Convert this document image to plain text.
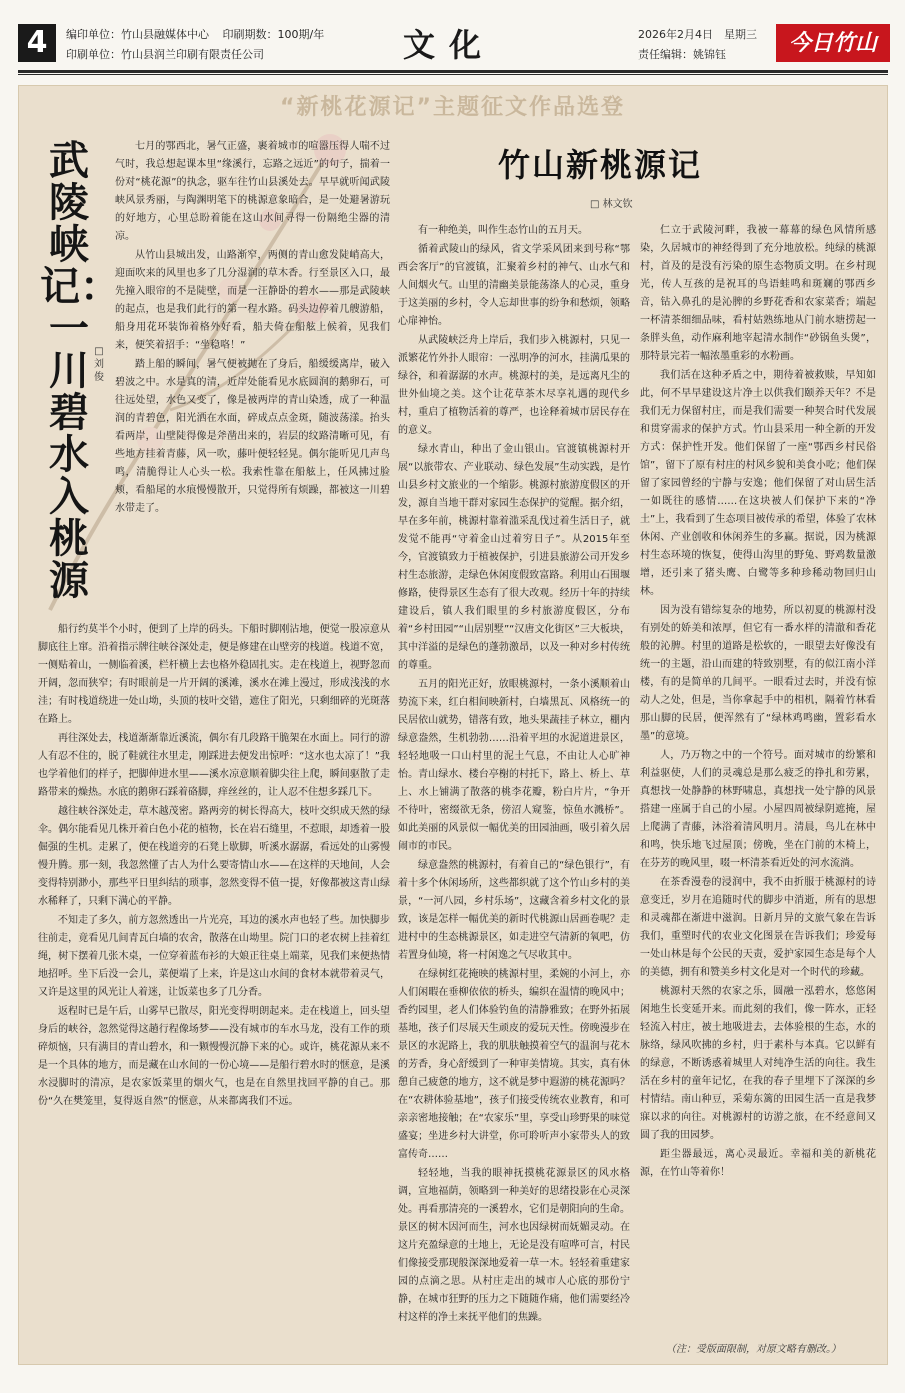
4	编印单位：竹山县融媒体中心 印刷期数：100期/年
印刷单位：竹山县润兰印刷有限责任公司	文化	2026年2月4日　星期三
责任编辑：姚锦钰	今日竹山
“新桃花源记”主题征文作品选登
武陵峡记：一川碧水入桃源
□ 刘俊

七月的鄂西北，暑气正盛，裹着城市的喧嚣压得人喘不过气时，我总想起课本里“缘溪行，忘路之远近”的句子，揣着一份对“桃花源”的执念，驱车往竹山县溪处去。早早就听闻武陵峡风景秀丽，与陶渊明笔下的桃源意象暗合，是一处避暑游玩的好地方，心里总盼着能在这山水间寻得一份隔绝尘器的清凉。

从竹山县城出发，山路渐窄，两侧的青山愈发陡峭高大，迎面吹来的风里也多了几分湿润的草木香。行至景区入口，最先撞入眼帘的不是陡壁，而是一汪静卧的碧水——那是武陵峡的起点，也是我们此行的第一程水路。码头边停着几艘游船，船身用花环装饰着格外好看，船夫倚在船舷上候着，见我们来，便笑着招手：“坐稳咯！”

踏上船的瞬间，暑气便被抛在了身后，船缓缓离岸，破入碧波之中。水是真的清，近岸处能看见水底圆润的鹅卵石，可往远处望，水色又变了，像是被两岸的青山染透，成了一种温润的青碧色，阳光洒在水面，碎成点点金斑，随波荡漾。抬头看两岸，山壁陡得像是斧凿出来的，岩层的纹路清晰可见，有些地方挂着青藤，风一吹，藤叶便轻轻晃。偶尔能听见几声鸟鸣，清脆得让人心头一松。我索性靠在船舷上，任风拂过脸颊，看船尾的水痕慢慢散开，只觉得所有烦躁，都被这一川碧水带走了。

船行约莫半个小时，便到了上岸的码头。下船时脚刚沾地，便觉一股凉意从脚底往上窜。沿着指示牌往峡谷深处走，便是修建在山壁旁的栈道。栈道不宽，一侧贴着山，一侧临着溪，栏杆横上去也格外稳固扎实。走在栈道上，视野忽而开阔，忽而狭窄；有时眼前是一片开阔的溪滩，溪水在滩上漫过，形成浅浅的水洼；有时栈道绕进一处山坳，头顶的枝叶交错，遮住了阳光，只剩细碎的光斑落在路上。

再往深处去，栈道渐渐靠近溪流，偶尔有几段路干脆架在水面上。同行的游人有忍不住的，脱了鞋就往水里走，刚踩进去便发出惊呼：“这水也太凉了！”我也学着他们的样子，把脚伸进水里——溪水凉意顺着脚尖往上爬，瞬间驱散了走路带来的燥热。水底的鹅卵石踩着硌脚，痒丝丝的，让人忍不住想多踩几下。

越往峡谷深处走，草木越茂密。路两旁的树长得高大，枝叶交织成天然的绿伞。偶尔能看见几株开着白色小花的植物，长在岩石缝里，不惹眼，却透着一股倔强的生机。走累了，便在栈道旁的石凳上歇脚，听溪水潺潺，看远处的山雾慢慢升腾。那一刻，我忽然懂了古人为什么要寄情山水——在这样的天地间，人会变得特别渺小，那些平日里纠结的琐事，忽然变得不值一提，好像都被这青山绿水稀释了，只剩下满心的平静。

不知走了多久，前方忽然透出一片光亮，耳边的溪水声也轻了些。加快脚步往前走，竟看见几间青瓦白墙的农舍，散落在山坳里。院门口的老农树上挂着红绳，树下摆着几张木桌，一位穿着蓝布衫的大娘正往桌上端菜，见我们来便热情地招呼。坐下后没一会儿，菜便端了上来，许是这山水间的食材本就带着灵气，又许是这里的风光让人着迷，让饭菜也多了几分香。

返程时已是午后，山雾早已散尽，阳光变得明朗起来。走在栈道上，回头望身后的峡谷，忽然觉得这趟行程像场梦——没有城市的车水马龙，没有工作的琐碎烦恼，只有满目的青山碧水，和一颗慢慢沉静下来的心。或许，桃花源从来不是一个具体的地方，而是藏在山水间的一份心境——是船行碧水时的惬意，是溪水浸脚时的清凉，是农家饭菜里的烟火气，也是在自然里找回平静的自己。那份“久在樊笼里，复得返自然”的惬意，从来都离我们不远。

竹山新桃源记
□ 林文钦

有一种绝美，叫作生态竹山的五月天。

循着武陵山的绿风，省文学采风团来到号称“鄂西会客厅”的官渡镇，汇聚着乡村的神气、山水气和人间烟火气。山里的清幽美景能荡涤人的心灵，重身于这美丽的乡村，令人忘却世事的纷争和愁烦，领略心扉神怡。

从武陵峡泛舟上岸后，我们步入桃源村，只见一派繁花竹外扑人眼帘：一泓明净的河水，挂满瓜果的绿谷，和着潺潺的水声。桃源村的美，是远离凡尘的世外仙境之美。这个让花草茶木尽享礼遇的现代乡村，重启了植物活着的尊严，也诠释着城市居民存在的意义。

绿水青山，种出了金山银山。官渡镇桃源村开展“以旅带农、产业联动、绿色发展”生动实践，是竹山县乡村文旅业的一个缩影。桃源村旅游度假区的开发，源自当地干群对家园生态保护的觉醒。据介绍，早在多年前，桃源村靠着滥采乱伐过着生活日子，就发觉不能再“守着金山过着穷日子”。从2015年至今，官渡镇致力于植被保护，引进县旅游公司开发乡村生态旅游，走绿色休闲度假致富路。利用山石围堰修路，使得景区生态有了很大改观。经历十年的持续建设后，镇人我们眼里的乡村旅游度假区，分布着“乡村田园”“山居别墅”“汉唐文化街区”三大板块，其中洋溢的是绿色的蓬勃激昂，以及一种对乡村传统的尊重。

五月的阳光正好，放眼桃源村，一条小溪顺着山势流下来，红白相间映新村，白墙黑瓦、风格统一的民居依山就势，错落有致，地头果蔬挂子林立，棚内绿意盎然，生机勃勃……沿着平坦的水泥道进景区，轻轻地吸一口山村里的泥土气息，不由让人心旷神怡。青山绿水、楼台亭榭的村托下，路上、桥上、草上、水上铺满了散落的桃李花瓣，粉白片片，“争开不待叶，密缀欲无条，傍沼人窥鉴，惊鱼水溅桥”。如此美丽的风景似一幅优美的田园油画，吸引着久居闹市的市民。

绿意盎然的桃源村，有着自己的“绿色银行”，有着十多个休闲场所，这些都织就了这个竹山乡村的美景，“一河八园，乡村乐场”，这藏含着乡村文化的景致，该是怎样一幅优美的新时代桃源山居画卷呢？走进村中的生态桃源景区，如走进空气清新的氧吧，仿若置身仙境，将一村闲逸之气尽收其中。

在绿树红花掩映的桃源村里，柔婉的小河上，亦人们闲暇在垂柳依依的桥头，编织在温情的晚风中；香约园里，老人们体验钓鱼的清静雅致；在野外拓展基地，孩子们尽展天生顽皮的爱玩天性。傍晚漫步在景区的水泥路上，我的肌肤触摸着空气的温润与花木的芳香，身心舒缓到了一种审美情境。其实，真有休憩自己疲惫的地方，这不就是梦中遐游的桃花源吗？在“农耕体验基地”，孩子们接受传统农业教育，和可亲亲密地接触；在“农家乐”里，享受山珍野果的味觉盛宴；坐进乡村大讲堂，你可聆听声小家带头人的致富传奇……

轻轻地，当我的眼神抚摸桃花源景区的风水格调，宣地福荫，领略到一种美好的思绪投影在心灵深处。再看那清亮的一溪碧水，它们是朝阳向的生命。景区的树木因河而生，河水也因绿树而妩媚灵动。在这片充盈绿意的土地上，无论是没有喧哗可言，村民们像接受那现般深深地爱着一草一木。轻轻着重建家园的点滴之思。从村庄走出的城市人心底的那份宁静，在城市狂野的压力之下随随作痛，他们需要经冷村这样的净土来抚平他们的焦躁。

仁立于武陵河畔，我被一幕幕的绿色风情所感染，久居城市的神经得到了充分地放松。纯绿的桃源村，首及的是没有污染的原生态物质文明。在乡村现光，传人互孩的是祝耳的鸟语蛙鸣和斑斓的鄂西乡音，钻入鼻孔的是沁脾的乡野花香和农家菜香；端起一杯清茶细细品味，看村姑熟练地从门前水塘捞起一条胖头鱼，动作麻利地宰起清水制作“砂锅鱼头煲”，那特景完若一幅浓墨重彩的水粉画。

我们活在这种矛盾之中，期待着被救赎，早知如此，何不早早建设这片净土以供我们颐养天年？不是我们无力保留村庄，而是我们需要一种契合时代发展和贯穿需求的保护方式。竹山县采用一种全新的开发方式：保护性开发。他们保留了一座“鄂西乡村民俗馆”，留下了原有村庄的村风乡貌和美食小吃；他们保留了家园曾经的宁静与安逸；他们保留了对山居生活一如既往的感情……在这块被人们保护下来的“净土”上，我看到了生态项目被传承的希望，体验了农林休闲、产业创收和休闲养生的多赢。据说，因为桃源村生态环境的恢复，使得山沟里的野兔、野鸡数量激增，还引来了猪头鹰、白鹭等多种珍稀动物回归山林。

因为没有错综复杂的地势，所以初夏的桃源村没有别处的娇美和浓厚，但它有一番水样的清澈和香花般的沁脾。村里的道路是松软的，一眼望去好像没有统一的主题，沿山而建的特致别墅，有的似江南小洋楼，有的是简单的几间平。一眼看过去时，并没有惊动人之处，但是，当你拿起手中的相机，隔着竹林看那山脚的民居，便浑然有了“绿林鸡鸣幽，置彩看水墨”的意境。

人，乃万物之中的一个符号。面对城市的纷繁和利益驱使，人们的灵魂总是那么疲乏的挣扎和劳累，真想找一处静静的林野啸息，真想找一处宁静的风景搭建一座属于自己的小屋。小屋四周被绿阴遮掩，屋上爬满了青藤，沐浴着清风明月。清晨，鸟儿在林中和鸣，快乐地飞过屋顶；傍晚，坐在门前的木椅上，在芬芳的晚风里，啜一杯清茶看近处的河水流淌。

在茶香漫卷的浸润中，我不由折服于桃源村的诗意变迁，岁月在追随时代的脚步中消逝，所有的思想和灵魂都在渐进中滋润。日新月异的文旅气象在告诉我们，重塑时代的农业文化图景在告诉我们；珍爱每一处山林是每个公民的天责，爱护家园生态是每个人的美德，拥有和赞美乡村文化是对一个时代的珍藏。

桃源村天然的农家之乐，圆融一泓碧水，悠悠闲闲地生长变延开来。而此刻的我们，像一阵水，正轻轻流入村庄，被土地吸进去，去体验根的生态，水的脉络，绿风吹拂的乡村，归于素朴与本真。它以鲜有的绿意，不断诱惑着城里人对纯净生活的向往。我生活在乡村的童年记忆，在我的春子里埋下了深深的乡村情结。南山种豆，采菊东篱的田园生活一直是我梦寐以求的向往。对桃源村的访游之旅，在不经意间又圆了我的田园梦。

距尘器最远，离心灵最近。幸福和美的新桃花源，在竹山等着你！

（注：受版面限制，对原文略有删改。）
